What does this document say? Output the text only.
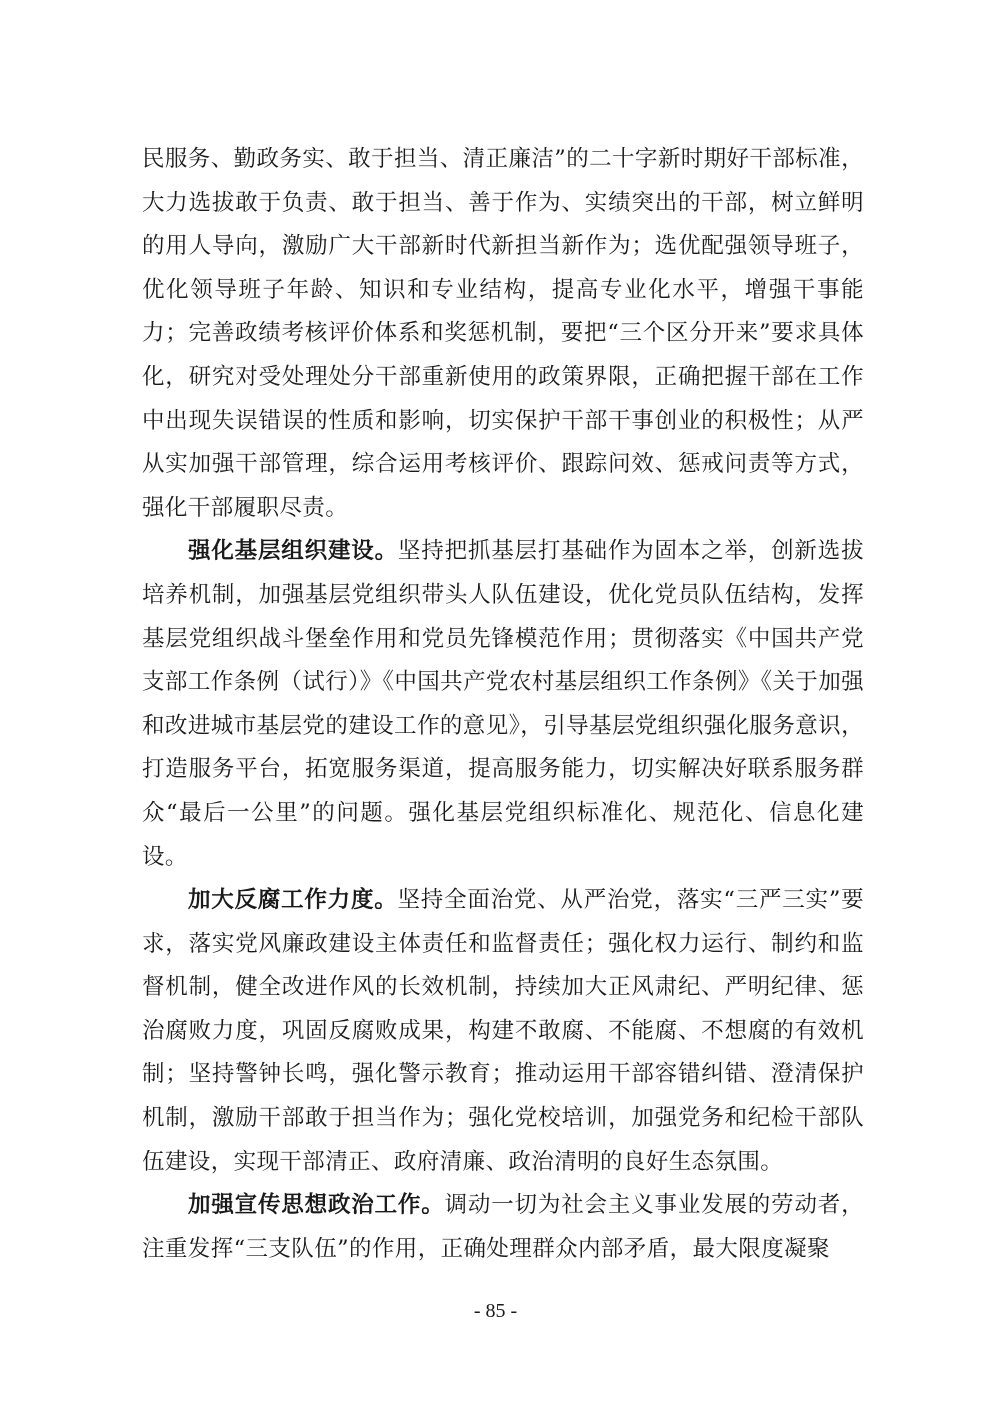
民服务、勤政务实、敢于担当、清正廉洁”的二十字新时期好干部标准，大力选拔敢于负责、敢于担当、善于作为、实绩突出的干部，树立鲜明的用人导向，激励广大干部新时代新担当新作为；选优配强领导班子，优化领导班子年龄、知识和专业结构，提高专业化水平，增强干事能力；完善政绩考核评价体系和奖惩机制，要把“三个区分开来”要求具体化，研究对受处理处分干部重新使用的政策界限，正确把握干部在工作中出现失误错误的性质和影响，切实保护干部干事创业的积极性；从严从实加强干部管理，综合运用考核评价、跟踪问效、惩戒问责等方式，强化干部履职尽责。

强化基层组织建设。坚持把抓基层打基础作为固本之举，创新选拔培养机制，加强基层党组织带头人队伍建设，优化党员队伍结构，发挥基层党组织战斗堡垒作用和党员先锋模范作用；贯彻落实《中国共产党支部工作条例（试行）》《中国共产党农村基层组织工作条例》《关于加强和改进城市基层党的建设工作的意见》，引导基层党组织强化服务意识，打造服务平台，拓宽服务渠道，提高服务能力，切实解决好联系服务群众“最后一公里”的问题。强化基层党组织标准化、规范化、信息化建设。

加大反腐工作力度。坚持全面治党、从严治党，落实“三严三实”要求，落实党风廉政建设主体责任和监督责任；强化权力运行、制约和监督机制，健全改进作风的长效机制，持续加大正风肃纪、严明纪律、惩治腐败力度，巩固反腐败成果，构建不敢腐、不能腐、不想腐的有效机制；坚持警钟长鸣，强化警示教育；推动运用干部容错纠错、澄清保护机制，激励干部敢于担当作为；强化党校培训，加强党务和纪检干部队伍建设，实现干部清正、政府清廉、政治清明的良好生态氛围。

加强宣传思想政治工作。调动一切为社会主义事业发展的劳动者，注重发挥“三支队伍”的作用，正确处理群众内部矛盾，最大限度凝聚

- 85 -
